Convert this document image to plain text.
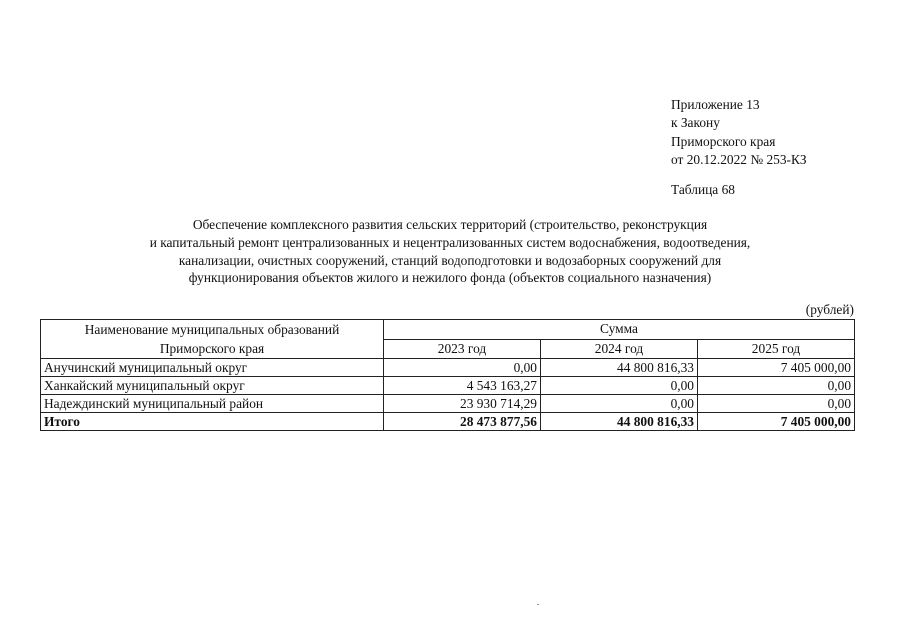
Приложение 13
к Закону
Приморского края
от 20.12.2022 № 253-КЗ
Таблица 68
Обеспечение комплексного развития сельских территорий (строительство, реконструкция
и капитальный ремонт централизованных и нецентрализованных систем водоснабжения, водоотведения,
канализации, очистных сооружений, станций водоподготовки и водозаборных сооружений для
функционирования объектов жилого и нежилого фонда (объектов социального назначения)
(рублей)
Наименование муниципальных образований
Приморского края	Сумма		
	2023 год	2024 год	2025 год
Анучинский муниципальный округ	0,00	44 800 816,33	7 405 000,00
Ханкайский муниципальный округ	4 543 163,27	0,00	0,00
Надеждинский муниципальный район	23 930 714,29	0,00	0,00
Итого	28 473 877,56	44 800 816,33	7 405 000,00
